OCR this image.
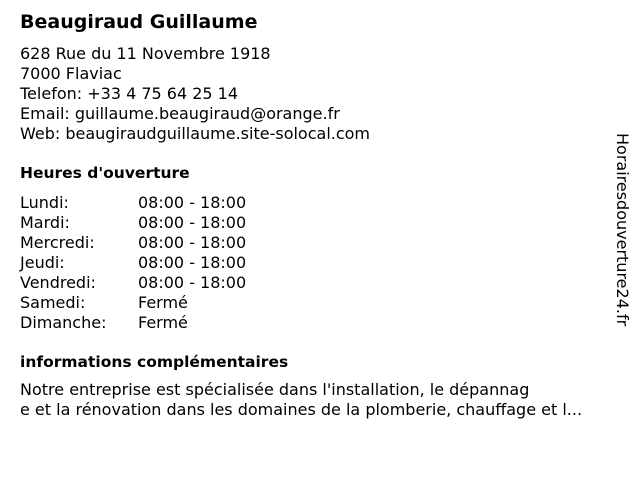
Beaugiraud Guillaume
628 Rue du 11 Novembre 1918
7000 Flaviac
Telefon: +33 4 75 64 25 14
Email: guillaume.beaugiraud@orange.fr
Web: beaugiraudguillaume.site-solocal.com
Heures d'ouverture
Lundi:	08:00 - 18:00
Mardi:	08:00 - 18:00
Mercredi:	08:00 - 18:00
Jeudi:	08:00 - 18:00
Vendredi:	08:00 - 18:00
Samedi:	Fermé
Dimanche:	Fermé
informations complémentaires
Notre entreprise est spécialisée dans l'installation, le dépannag
e et la rénovation dans les domaines de la plomberie, chauffage et l...
Horairesdouverture24.fr
